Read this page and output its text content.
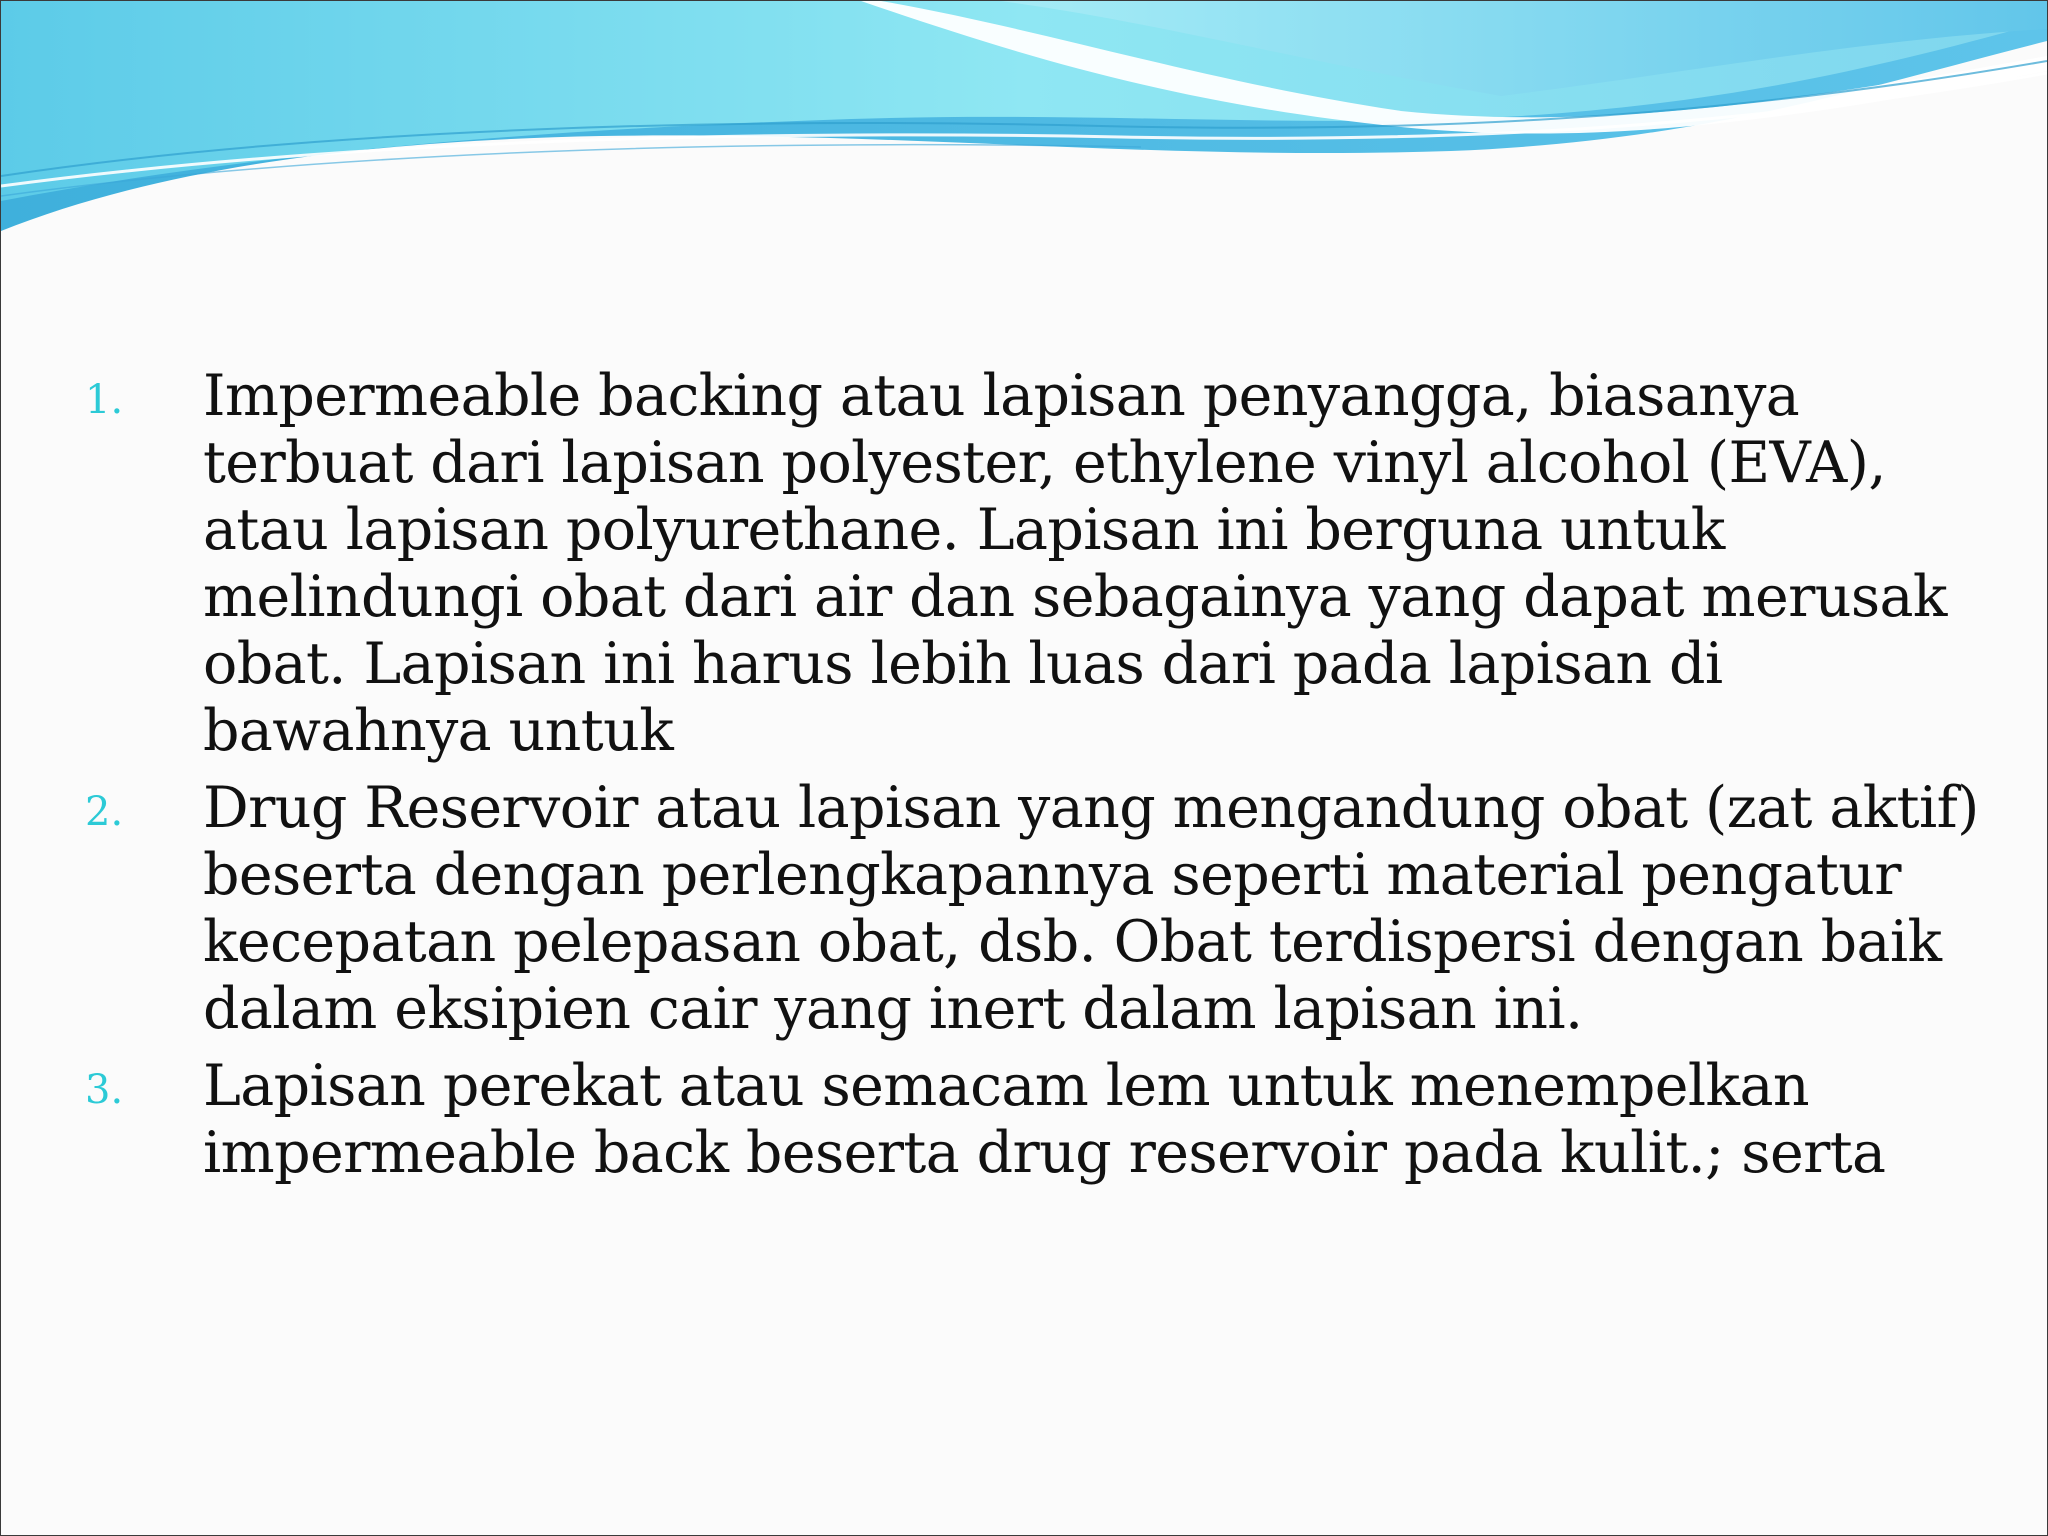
1.	Impermeable backing atau lapisan penyangga, biasanya terbuat dari lapisan polyester, ethylene vinyl alcohol (EVA), atau lapisan polyurethane. Lapisan ini berguna untuk melindungi obat dari air dan sebagainya yang dapat merusak obat. Lapisan ini harus lebih luas dari pada lapisan di bawahnya untuk
2.	Drug Reservoir atau lapisan yang mengandung obat (zat aktif) beserta dengan perlengkapannya seperti material pengatur kecepatan pelepasan obat, dsb. Obat terdispersi dengan baik dalam eksipien cair yang inert dalam lapisan ini.
3.	Lapisan perekat atau semacam lem untuk menempelkan impermeable back beserta drug reservoir pada kulit.; serta
